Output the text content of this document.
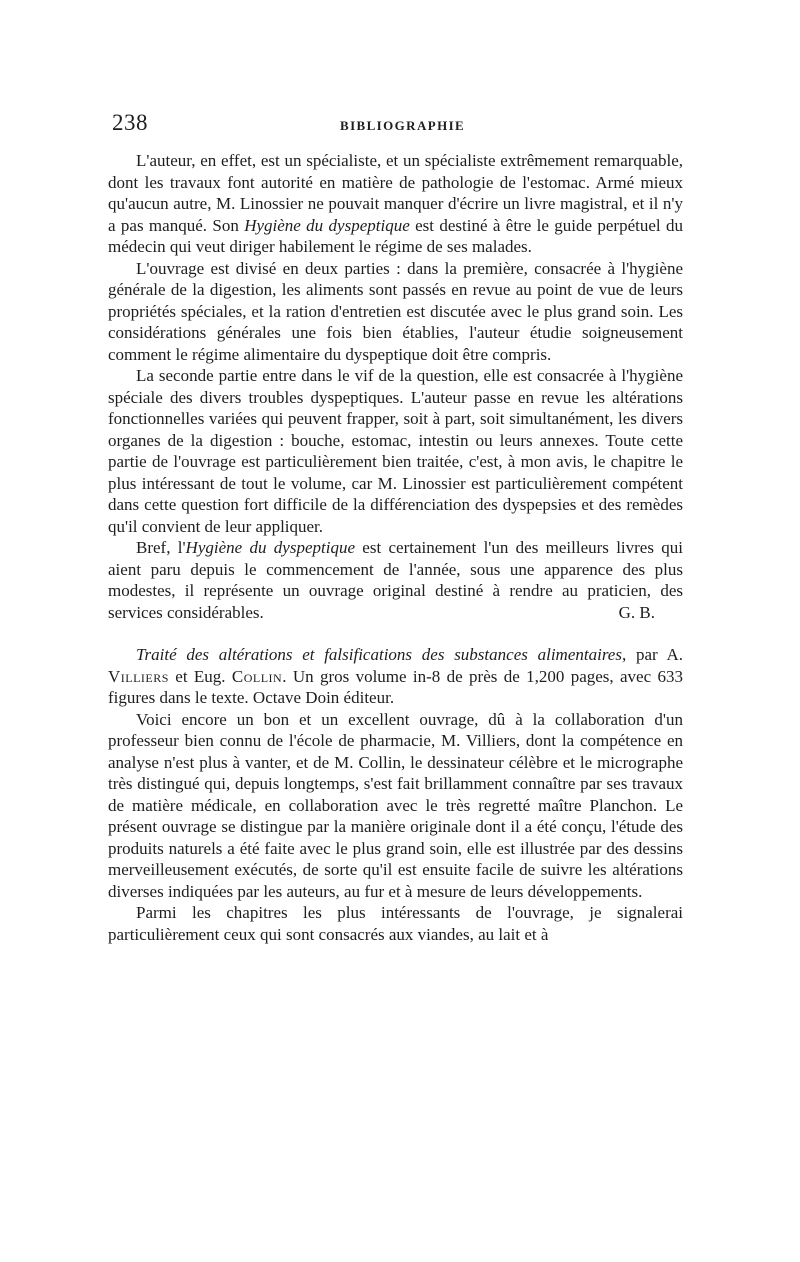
238	BIBLIOGRAPHIE

L'auteur, en effet, est un spécialiste, et un spécialiste extrêmement remarquable, dont les travaux font autorité en matière de pathologie de l'estomac. Armé mieux qu'aucun autre, M. Linossier ne pouvait manquer d'écrire un livre magistral, et il n'y a pas manqué. Son Hygiène du dyspeptique est destiné à être le guide perpétuel du médecin qui veut diriger habilement le régime de ses malades.

L'ouvrage est divisé en deux parties : dans la première, consacrée à l'hygiène générale de la digestion, les aliments sont passés en revue au point de vue de leurs propriétés spéciales, et la ration d'entretien est discutée avec le plus grand soin. Les considérations générales une fois bien établies, l'auteur étudie soigneusement comment le régime alimentaire du dyspeptique doit être compris.

La seconde partie entre dans le vif de la question, elle est consacrée à l'hygiène spéciale des divers troubles dyspeptiques. L'auteur passe en revue les altérations fonctionnelles variées qui peuvent frapper, soit à part, soit simultanément, les divers organes de la digestion : bouche, estomac, intestin ou leurs annexes. Toute cette partie de l'ouvrage est particulièrement bien traitée, c'est, à mon avis, le chapitre le plus intéressant de tout le volume, car M. Linossier est particulièrement compétent dans cette question fort difficile de la différenciation des dyspepsies et des remèdes qu'il convient de leur appliquer.

Bref, l'Hygiène du dyspeptique est certainement l'un des meilleurs livres qui aient paru depuis le commencement de l'année, sous une apparence des plus modestes, il représente un ouvrage original destiné à rendre au praticien, des services considérables.	G. B.

Traité des altérations et falsifications des substances alimentaires, par A. Villiers et Eug. Collin. Un gros volume in-8 de près de 1,200 pages, avec 633 figures dans le texte. Octave Doin éditeur.

Voici encore un bon et un excellent ouvrage, dû à la collaboration d'un professeur bien connu de l'école de pharmacie, M. Villiers, dont la compétence en analyse n'est plus à vanter, et de M. Collin, le dessinateur célèbre et le micrographe très distingué qui, depuis longtemps, s'est fait brillamment connaître par ses travaux de matière médicale, en collaboration avec le très regretté maître Planchon. Le présent ouvrage se distingue par la manière originale dont il a été conçu, l'étude des produits naturels a été faite avec le plus grand soin, elle est illustrée par des dessins merveilleusement exécutés, de sorte qu'il est ensuite facile de suivre les altérations diverses indiquées par les auteurs, au fur et à mesure de leurs développements.

Parmi les chapitres les plus intéressants de l'ouvrage, je signalerai particulièrement ceux qui sont consacrés aux viandes, au lait et à
